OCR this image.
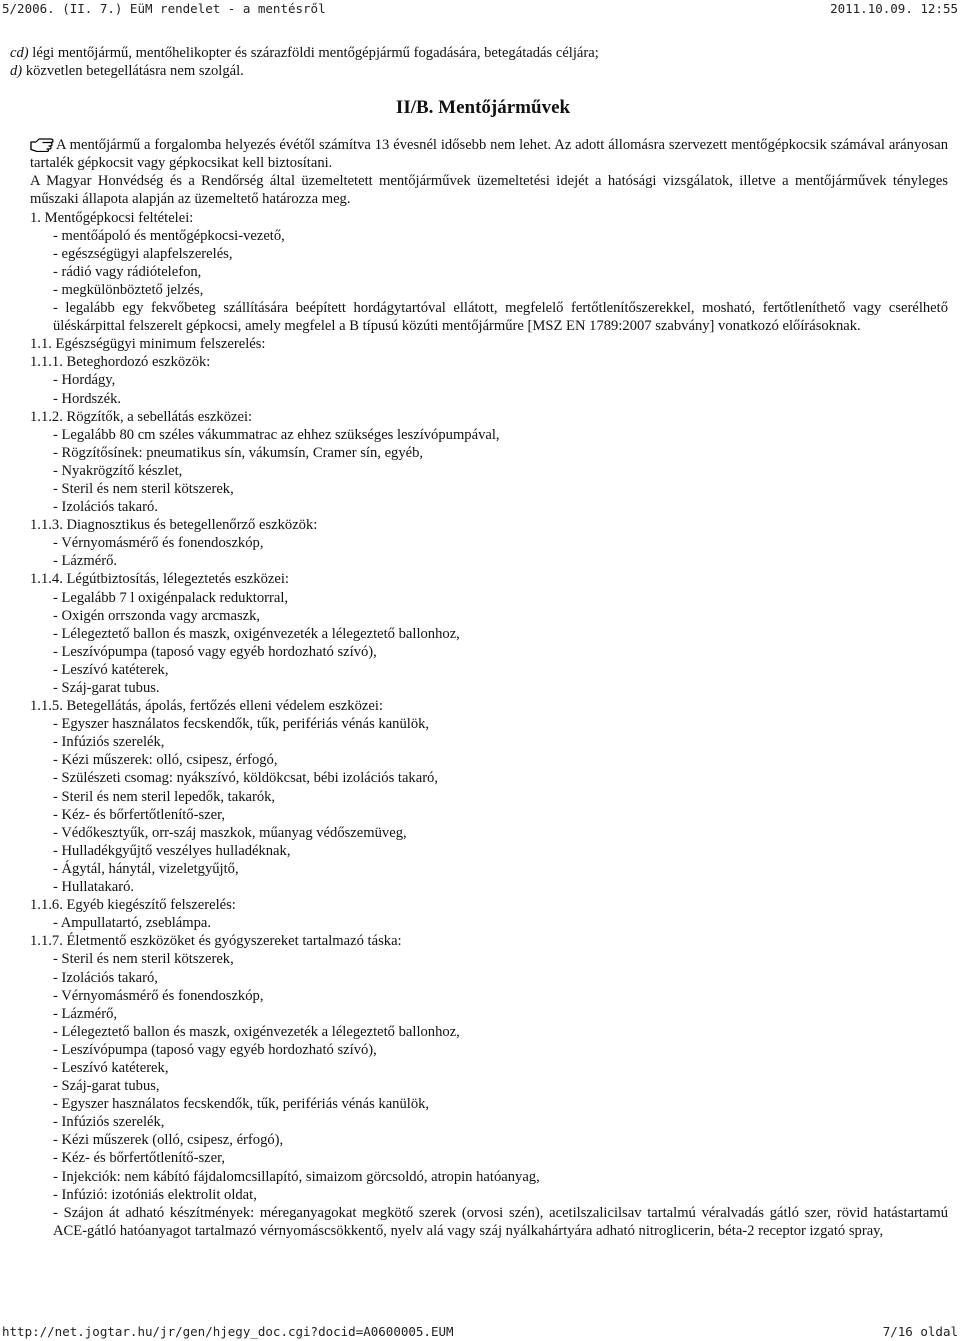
5/2006. (II. 7.) EüM rendelet - a mentésről	2011.10.09. 12:55

cd) légi mentőjármű, mentőhelikopter és szárazföldi mentőgépjármű fogadására, betegátadás céljára;

d) közvetlen betegellátásra nem szolgál.

II/B. Mentőjárművek

A mentőjármű a forgalomba helyezés évétől számítva 13 évesnél idősebb nem lehet. Az adott állomásra szervezett mentőgépkocsik számával arányosan tartalék gépkocsit vagy gépkocsikat kell biztosítani.

A Magyar Honvédség és a Rendőrség által üzemeltetett mentőjárművek üzemeltetési idejét a hatósági vizsgálatok, illetve a mentőjárművek tényleges műszaki állapota alapján az üzemeltető határozza meg.

1. Mentőgépkocsi feltételei:

- mentőápoló és mentőgépkocsi-vezető,

- egészségügyi alapfelszerelés,

- rádió vagy rádiótelefon,

- megkülönböztető jelzés,

- legalább egy fekvőbeteg szállítására beépített hordágytartóval ellátott, megfelelő fertőtlenítőszerekkel, mosható, fertőtleníthető vagy cserélhető üléskárpittal felszerelt gépkocsi, amely megfelel a B típusú közúti mentőjárműre [MSZ EN 1789:2007 szabvány] vonatkozó előírásoknak.

1.1. Egészségügyi minimum felszerelés:

1.1.1. Beteghordozó eszközök:

- Hordágy,

- Hordszék.

1.1.2. Rögzítők, a sebellátás eszközei:

- Legalább 80 cm széles vákummatrac az ehhez szükséges leszívópumpával,

- Rögzítősínek: pneumatikus sín, vákumsín, Cramer sín, egyéb,

- Nyakrögzítő készlet,

- Steril és nem steril kötszerek,

- Izolációs takaró.

1.1.3. Diagnosztikus és betegellenőrző eszközök:

- Vérnyomásmérő és fonendoszkóp,

- Lázmérő.

1.1.4. Légútbiztosítás, lélegeztetés eszközei:

- Legalább 7 l oxigénpalack reduktorral,

- Oxigén orrszonda vagy arcmaszk,

- Lélegeztető ballon és maszk, oxigénvezeték a lélegeztető ballonhoz,

- Leszívópumpa (taposó vagy egyéb hordozható szívó),

- Leszívó katéterek,

- Száj-garat tubus.

1.1.5. Betegellátás, ápolás, fertőzés elleni védelem eszközei:

- Egyszer használatos fecskendők, tűk, perifériás vénás kanülök,

- Infúziós szerelék,

- Kézi műszerek: olló, csipesz, érfogó,

- Szülészeti csomag: nyákszívó, köldökcsat, bébi izolációs takaró,

- Steril és nem steril lepedők, takarók,

- Kéz- és bőrfertőtlenítő-szer,

- Védőkesztyűk, orr-száj maszkok, műanyag védőszemüveg,

- Hulladékgyűjtő veszélyes hulladéknak,

- Ágytál, hánytál, vizeletgyűjtő,

- Hullatakaró.

1.1.6. Egyéb kiegészítő felszerelés:

- Ampullatartó, zseblámpa.

1.1.7. Életmentő eszközöket és gyógyszereket tartalmazó táska:

- Steril és nem steril kötszerek,

- Izolációs takaró,

- Vérnyomásmérő és fonendoszkóp,

- Lázmérő,

- Lélegeztető ballon és maszk, oxigénvezeték a lélegeztető ballonhoz,

- Leszívópumpa (taposó vagy egyéb hordozható szívó),

- Leszívó katéterek,

- Száj-garat tubus,

- Egyszer használatos fecskendők, tűk, perifériás vénás kanülök,

- Infúziós szerelék,

- Kézi műszerek (olló, csipesz, érfogó),

- Kéz- és bőrfertőtlenítő-szer,

- Injekciók: nem kábító fájdalomcsillapító, simaizom görcsoldó, atropin hatóanyag,

- Infúzió: izotóniás elektrolit oldat,

- Szájon át adható készítmények: méreganyagokat megkötő szerek (orvosi szén), acetilszalicilsav tartalmú véralvadás gátló szer, rövid hatástartamú ACE-gátló hatóanyagot tartalmazó vérnyomáscsökkentő, nyelv alá vagy száj nyálkahártyára adható nitroglicerin, béta-2 receptor izgató spray,

http://net.jogtar.hu/jr/gen/hjegy_doc.cgi?docid=A0600005.EUM	7/16 oldal
